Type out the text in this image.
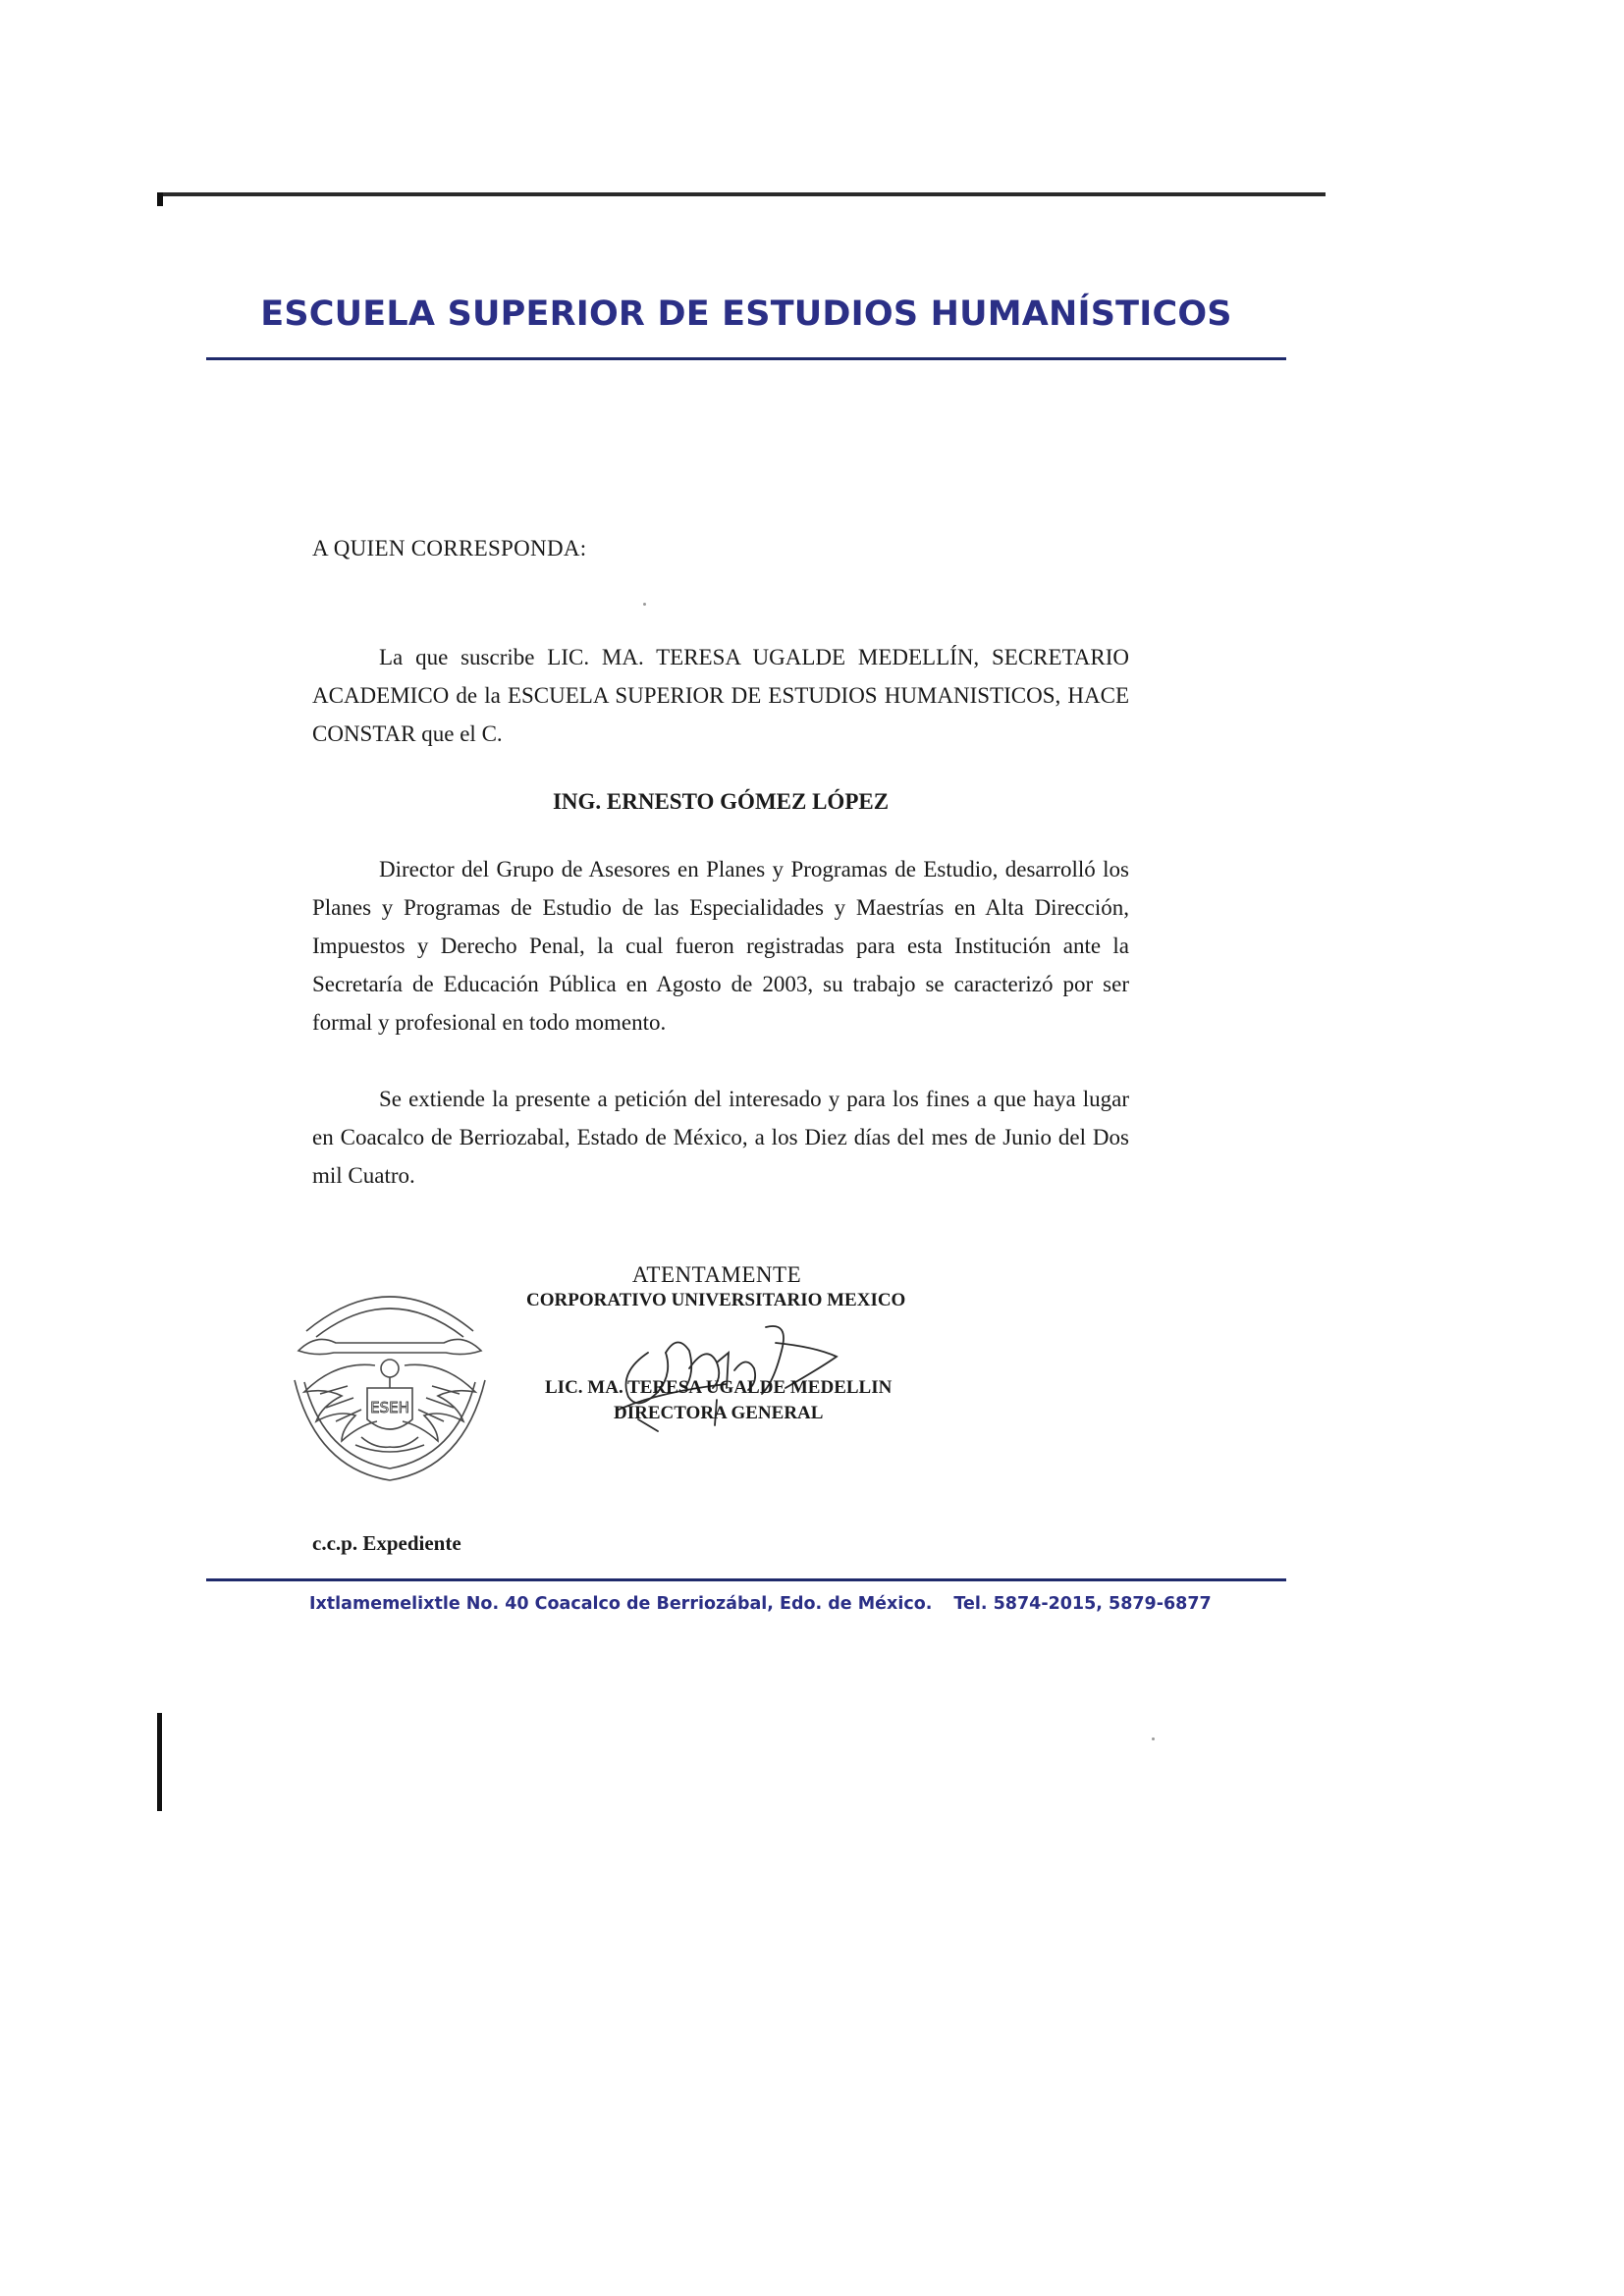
ESCUELA SUPERIOR DE ESTUDIOS HUMANÍSTICOS

A QUIEN CORRESPONDA:

La que suscribe LIC. MA. TERESA UGALDE MEDELLÍN, SECRETARIO ACADEMICO de la ESCUELA SUPERIOR DE ESTUDIOS HUMANISTICOS, HACE CONSTAR que el C.

ING. ERNESTO GÓMEZ LÓPEZ

Director del Grupo de Asesores en Planes y Programas de Estudio, desarrolló los Planes y Programas de Estudio de las Especialidades y Maestrías en Alta Dirección, Impuestos y Derecho Penal, la cual fueron registradas para esta Institución ante la Secretaría de Educación Pública en Agosto de 2003, su trabajo se caracterizó por ser formal y profesional en todo momento.

Se extiende la presente a petición del interesado y para los fines a que haya lugar en Coacalco de Berriozabal, Estado de México, a los Diez días del mes de Junio del Dos mil Cuatro.

ESEH

ATENTAMENTE

CORPORATIVO UNIVERSITARIO MEXICO

LIC. MA. TERESA UGALDE MEDELLIN

DIRECTORA GENERAL

c.c.p. Expediente

Ixtlamemelixtle No. 40 Coacalco de Berriozábal, Edo. de México. Tel. 5874-2015, 5879-6877
